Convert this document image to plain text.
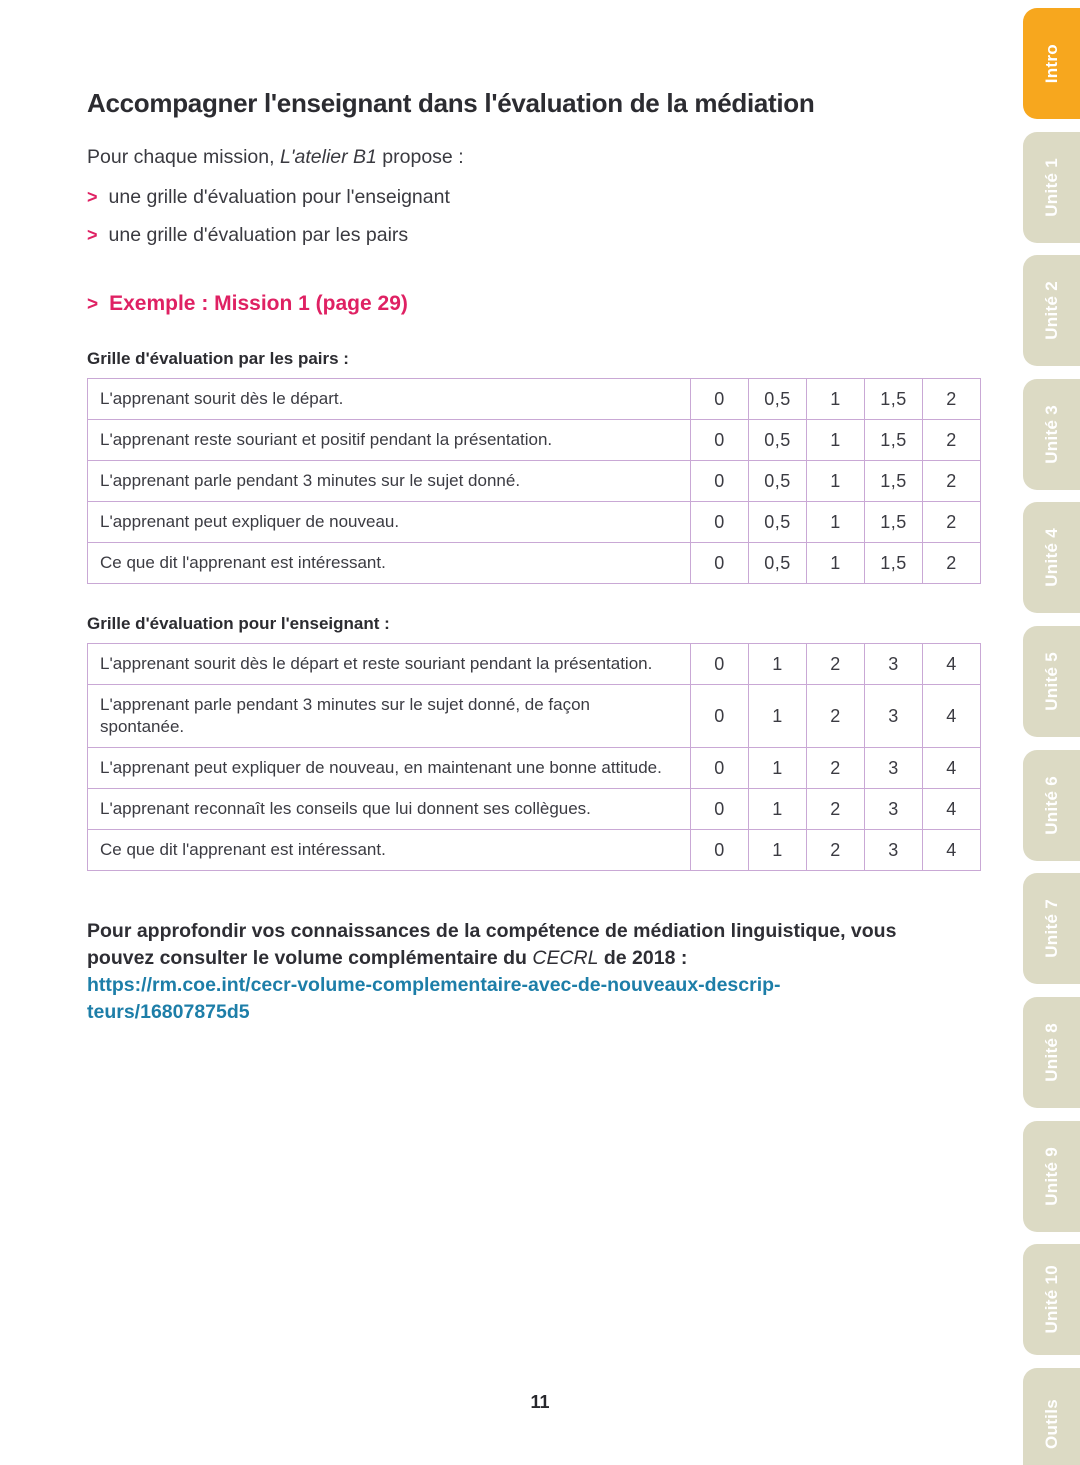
Accompagner l'enseignant dans l'évaluation de la médiation

Pour chaque mission, L'atelier B1 propose :

> une grille d'évaluation pour l'enseignant
> une grille d'évaluation par les pairs
> Exemple : Mission 1 (page 29)
Grille d'évaluation par les pairs :
L'apprenant sourit dès le départ.	0	0,5	1	1,5	2
L'apprenant reste souriant et positif pendant la présentation.	0	0,5	1	1,5	2
L'apprenant parle pendant 3 minutes sur le sujet donné.	0	0,5	1	1,5	2
L'apprenant peut expliquer de nouveau.	0	0,5	1	1,5	2
Ce que dit l'apprenant est intéressant.	0	0,5	1	1,5	2
Grille d'évaluation pour l'enseignant :
L'apprenant sourit dès le départ et reste souriant pendant la présentation.	0	1	2	3	4
L'apprenant parle pendant 3 minutes sur le sujet donné, de façon spontanée.	0	1	2	3	4
L'apprenant peut expliquer de nouveau, en maintenant une bonne attitude.	0	1	2	3	4
L'apprenant reconnaît les conseils que lui donnent ses collègues.	0	1	2	3	4
Ce que dit l'apprenant est intéressant.	0	1	2	3	4

Pour approfondir vos connaissances de la compétence de médiation linguistique, vous pouvez consulter le volume complémentaire du CECRL de 2018 :
https://rm.coe.int/cecr-volume-complementaire-avec-de-nouveaux-descrip-
teurs/16807875d5

11
Intro
Unité 1
Unité 2
Unité 3
Unité 4
Unité 5
Unité 6
Unité 7
Unité 8
Unité 9
Unité 10
Outils
